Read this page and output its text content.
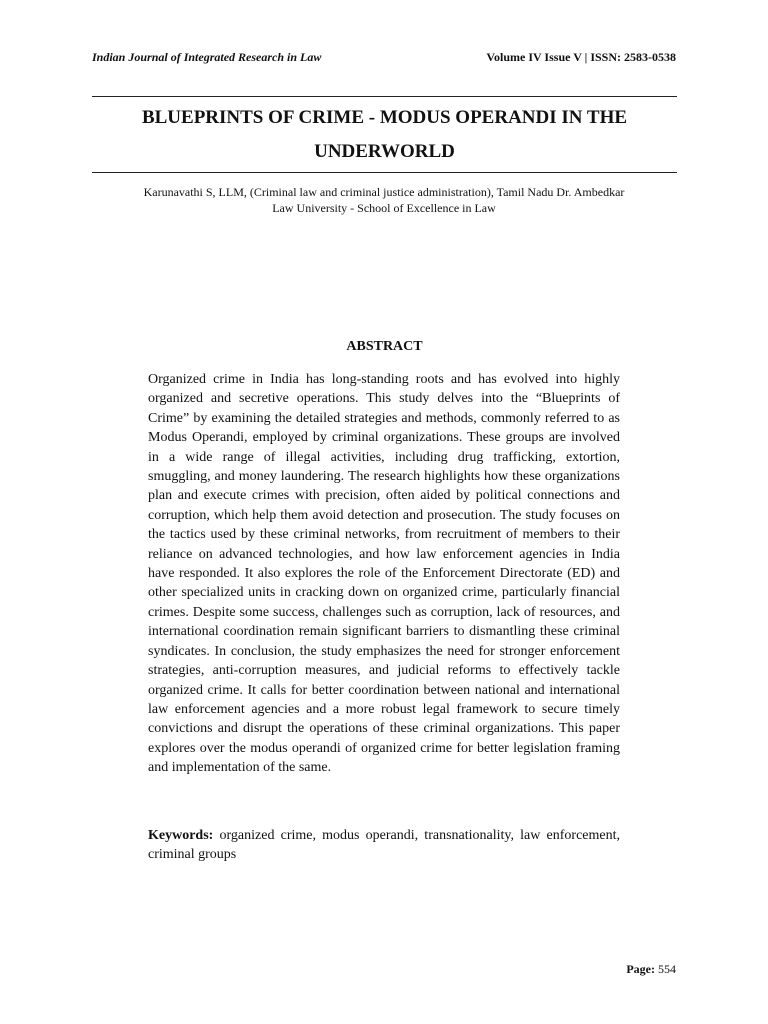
Indian Journal of Integrated Research in Law	Volume IV Issue V | ISSN: 2583-0538
BLUEPRINTS OF CRIME - MODUS OPERANDI IN THE UNDERWORLD

Karunavathi S, LLM, (Criminal law and criminal justice administration), Tamil Nadu Dr. Ambedkar Law University - School of Excellence in Law

ABSTRACT

Organized crime in India has long-standing roots and has evolved into highly organized and secretive operations. This study delves into the “Blueprints of Crime” by examining the detailed strategies and methods, commonly referred to as Modus Operandi, employed by criminal organizations. These groups are involved in a wide range of illegal activities, including drug trafficking, extortion, smuggling, and money laundering. The research highlights how these organizations plan and execute crimes with precision, often aided by political connections and corruption, which help them avoid detection and prosecution. The study focuses on the tactics used by these criminal networks, from recruitment of members to their reliance on advanced technologies, and how law enforcement agencies in India have responded. It also explores the role of the Enforcement Directorate (ED) and other specialized units in cracking down on organized crime, particularly financial crimes. Despite some success, challenges such as corruption, lack of resources, and international coordination remain significant barriers to dismantling these criminal syndicates. In conclusion, the study emphasizes the need for stronger enforcement strategies, anti-corruption measures, and judicial reforms to effectively tackle organized crime. It calls for better coordination between national and international law enforcement agencies and a more robust legal framework to secure timely convictions and disrupt the operations of these criminal organizations. This paper explores over the modus operandi of organized crime for better legislation framing and implementation of the same.

Keywords: organized crime, modus operandi, transnationality, law enforcement, criminal groups

Page: 554
